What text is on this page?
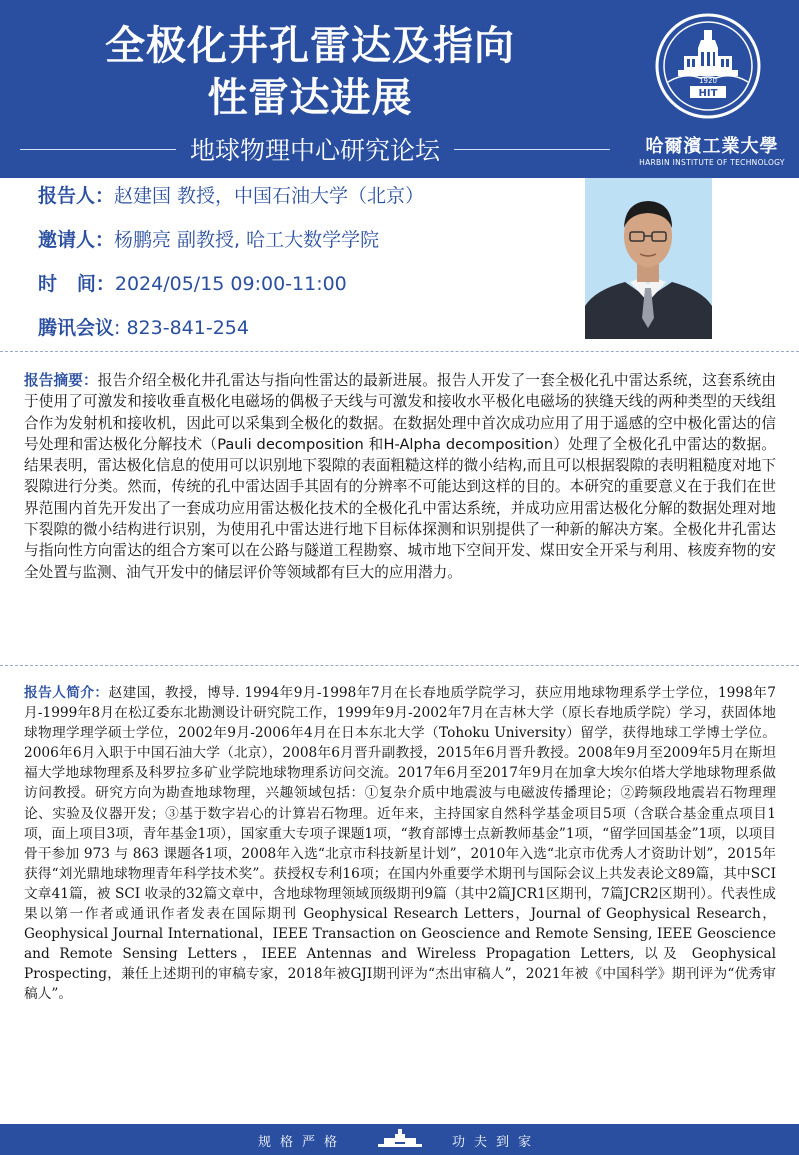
全极化井孔雷达及指向
性雷达进展
地球物理中心研究论坛
1920
HIT
哈爾濱工業大學
HARBIN INSTITUTE OF TECHNOLOGY
报告人：赵建国 教授，中国石油大学（北京）
邀请人：杨鹏亮 副教授, 哈工大数学学院
时   间：2024/05/15 09:00-11:00
腾讯会议: 823-841-254
报告摘要：报告介绍全极化井孔雷达与指向性雷达的最新进展。报告人开发了一套全极化孔中雷达系统，这套系统由于使用了可激发和接收垂直极化电磁场的偶极子天线与可激发和接收水平极化电磁场的狭缝天线的两种类型的天线组合作为发射机和接收机，因此可以采集到全极化的数据。在数据处理中首次成功应用了用于遥感的空中极化雷达的信号处理和雷达极化分解技术（Pauli decomposition 和H-Alpha decomposition）处理了全极化孔中雷达的数据。结果表明，雷达极化信息的使用可以识别地下裂隙的表面粗糙这样的微小结构,而且可以根据裂隙的表明粗糙度对地下裂隙进行分类。然而，传统的孔中雷达固手其固有的分辨率不可能达到这样的目的。本研究的重要意义在于我们在世界范围内首先开发出了一套成功应用雷达极化技术的全极化孔中雷达系统，并成功应用雷达极化分解的数据处理对地下裂隙的微小结构进行识别，为使用孔中雷达进行地下目标体探测和识别提供了一种新的解决方案。全极化井孔雷达与指向性方向雷达的组合方案可以在公路与隧道工程勘察、城市地下空间开发、煤田安全开采与利用、核废弃物的安全处置与监测、油气开发中的储层评价等领域都有巨大的应用潜力。
报告人简介：赵建国，教授，博导. 1994年9月-1998年7月在长春地质学院学习，获应用地球物理系学士学位，1998年7月-1999年8月在松辽委东北勘测设计研究院工作，1999年9月-2002年7月在吉林大学（原长春地质学院）学习，获固体地球物理学理学硕士学位，2002年9月-2006年4月在日本东北大学（Tohoku University）留学，获得地球工学博士学位。2006年6月入职于中国石油大学（北京），2008年6月晋升副教授，2015年6月晋升教授。2008年9月至2009年5月在斯坦福大学地球物理系及科罗拉多矿业学院地球物理系访问交流。2017年6月至2017年9月在加拿大埃尔伯塔大学地球物理系做访问教授。研究方向为勘查地球物理，兴趣领域包括：①复杂介质中地震波与电磁波传播理论；②跨频段地震岩石物理理论、实验及仪器开发；③基于数字岩心的计算岩石物理。近年来，主持国家自然科学基金项目5项（含联合基金重点项目1项，面上项目3项，青年基金1项），国家重大专项子课题1项，“教育部博士点新教师基金”1项，“留学回国基金”1项，以项目骨干参加 973 与 863 课题各1项，2008年入选“北京市科技新星计划”，2010年入选“北京市优秀人才资助计划”，2015年获得“刘光鼎地球物理青年科学技术奖”。获授权专利16项；在国内外重要学术期刊与国际会议上共发表论文89篇，其中SCI文章41篇，被 SCI 收录的32篇文章中，含地球物理领域顶级期刊9篇（其中2篇JCR1区期刊，7篇JCR2区期刊）。代表性成果以第一作者或通讯作者发表在国际期刊 Geophysical Research Letters，Journal of Geophysical Research，Geophysical Journal International，IEEE Transaction on Geoscience and Remote Sensing, IEEE Geoscience and Remote Sensing Letters，IEEE Antennas and Wireless Propagation Letters, 以及 Geophysical Prospecting，兼任上述期刊的审稿专家，2018年被GJI期刊评为“杰出审稿人”，2021年被《中国科学》期刊评为“优秀审稿人”。
规格严格	功夫到家
